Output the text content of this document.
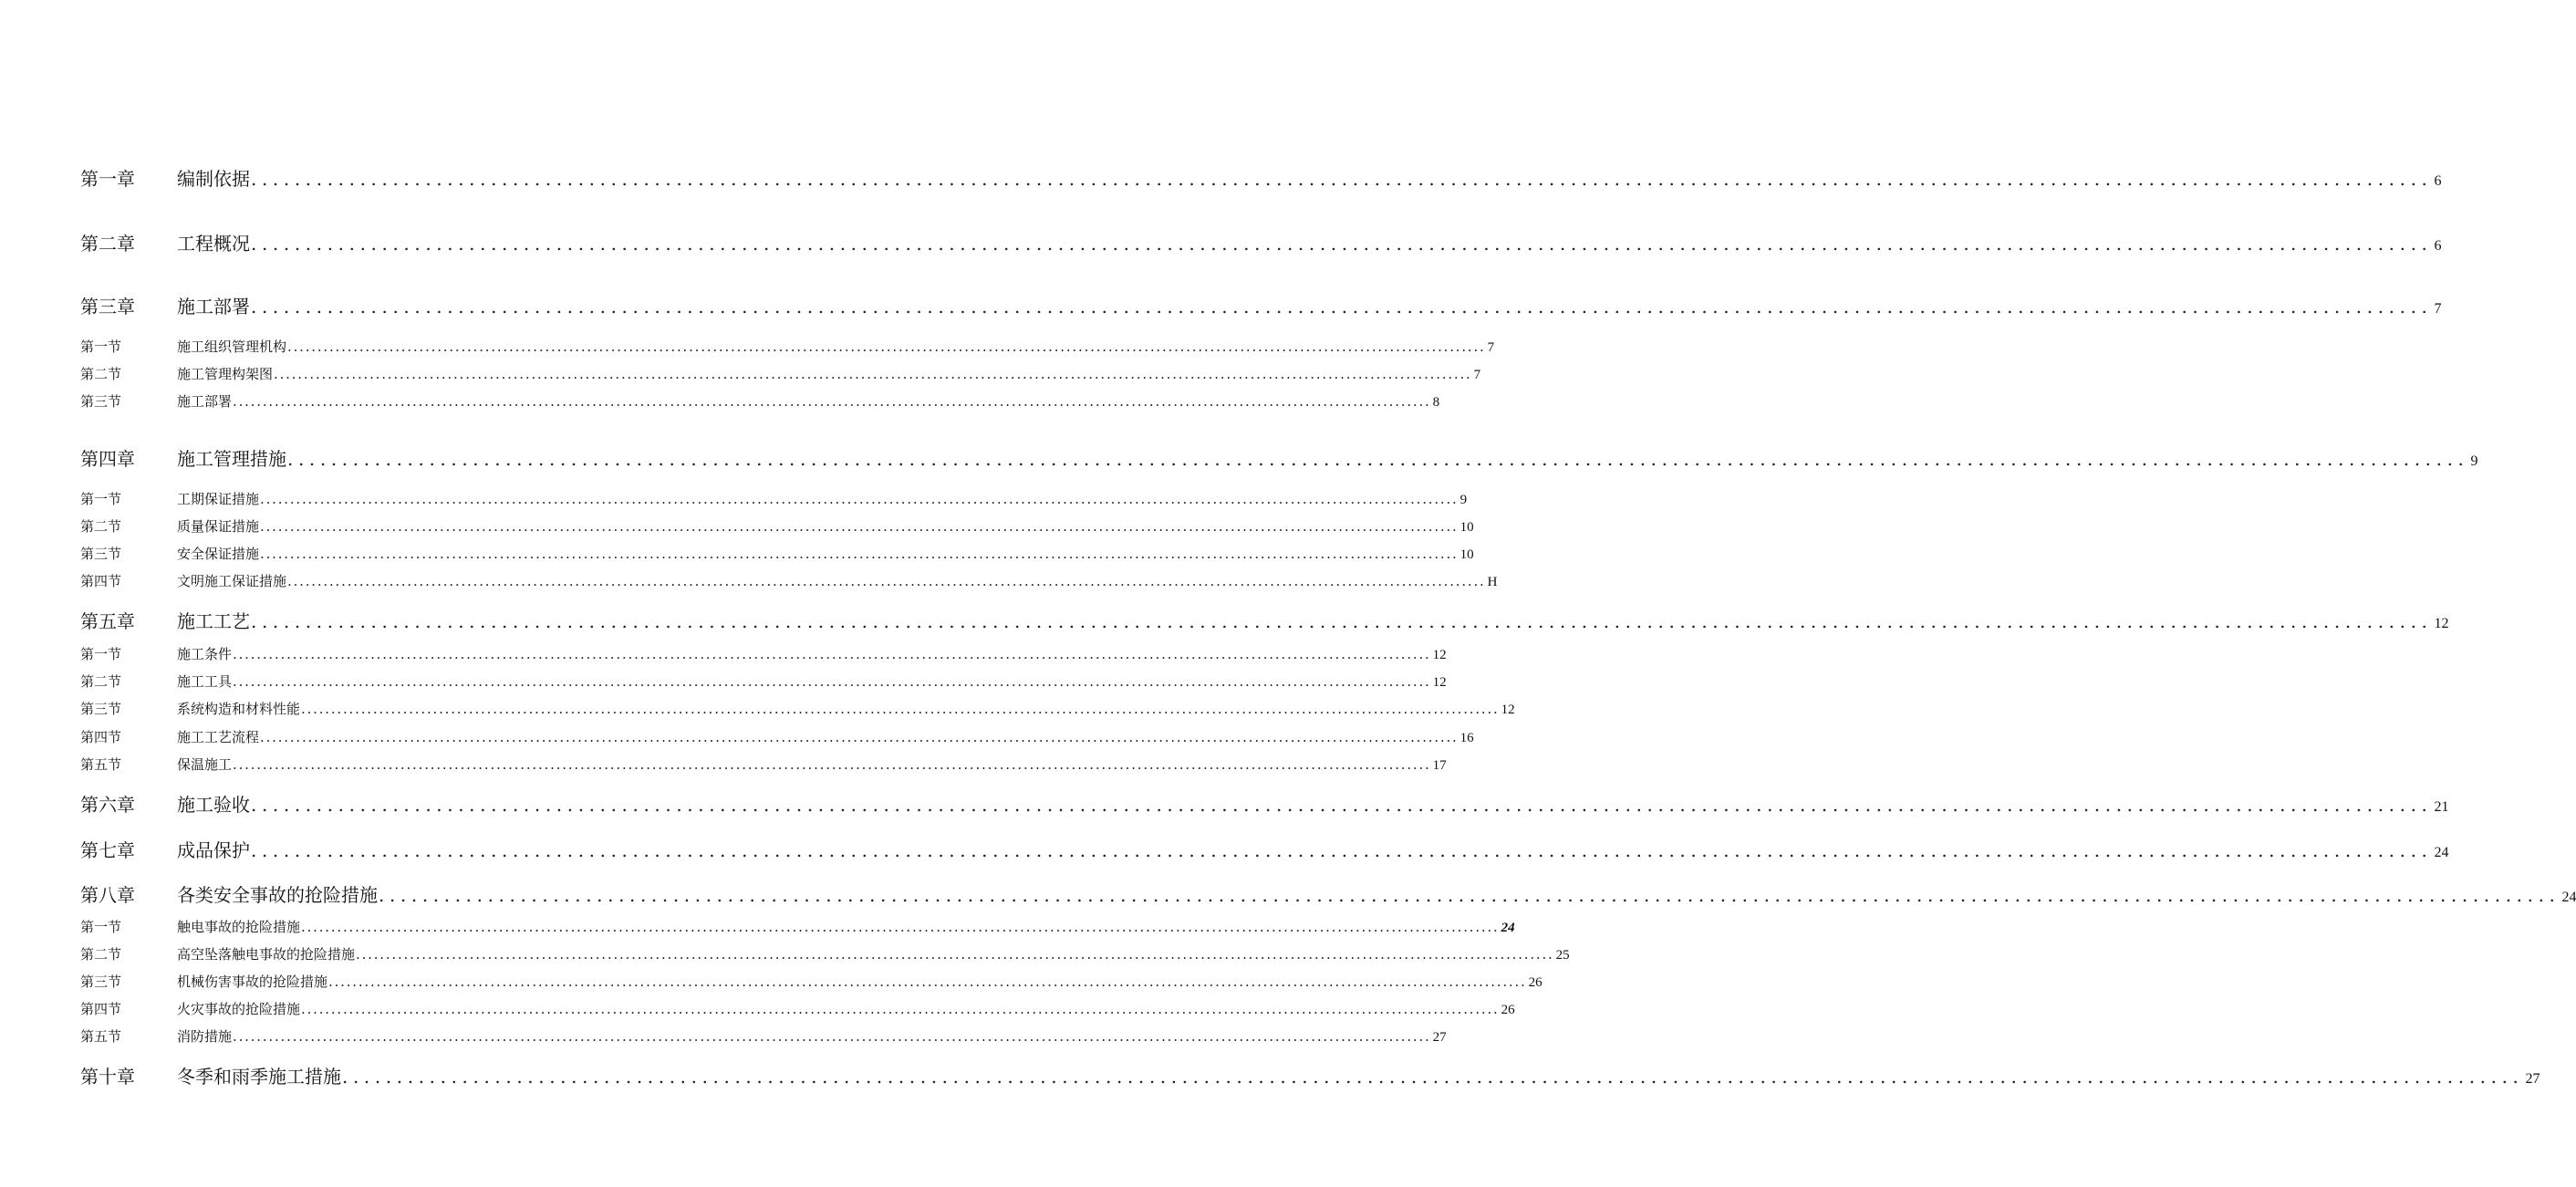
第一章	编制依据 ........................................................................................................................................................................................................ 6
第二章	工程概况 ........................................................................................................................................................................................................ 6
第三章	施工部署 ........................................................................................................................................................................................................ 7
第一节	施工组织管理机构 ........................................................................................................................................................................................................ 7
第二节	施工管理构架图 ........................................................................................................................................................................................................ 7
第三节	施工部署 ........................................................................................................................................................................................................ 8
第四章	施工管理措施 ........................................................................................................................................................................................................ 9
第一节	工期保证措施 ........................................................................................................................................................................................................ 9
第二节	质量保证措施 ........................................................................................................................................................................................................ 10
第三节	安全保证措施 ........................................................................................................................................................................................................ 10
第四节	文明施工保证措施 ........................................................................................................................................................................................................ H
第五章	施工工艺 ........................................................................................................................................................................................................ 12
第一节	施工条件 ........................................................................................................................................................................................................ 12
第二节	施工工具 ........................................................................................................................................................................................................ 12
第三节	系统构造和材料性能 ........................................................................................................................................................................................................ 12
第四节	施工工艺流程 ........................................................................................................................................................................................................ 16
第五节	保温施工 ........................................................................................................................................................................................................ 17
第六章	施工验收 ........................................................................................................................................................................................................ 21
第七章	成品保护 ........................................................................................................................................................................................................ 24
第八章	各类安全事故的抢险措施 ........................................................................................................................................................................................................ 24
第一节	触电事故的抢险措施 ........................................................................................................................................................................................................ 24
第二节	高空坠落触电事故的抢险措施 ........................................................................................................................................................................................................ 25
第三节	机械伤害事故的抢险措施 ........................................................................................................................................................................................................ 26
第四节	火灾事故的抢险措施 ........................................................................................................................................................................................................ 26
第五节	消防措施 ........................................................................................................................................................................................................ 27
第十章	冬季和雨季施工措施 ........................................................................................................................................................................................................ 27
